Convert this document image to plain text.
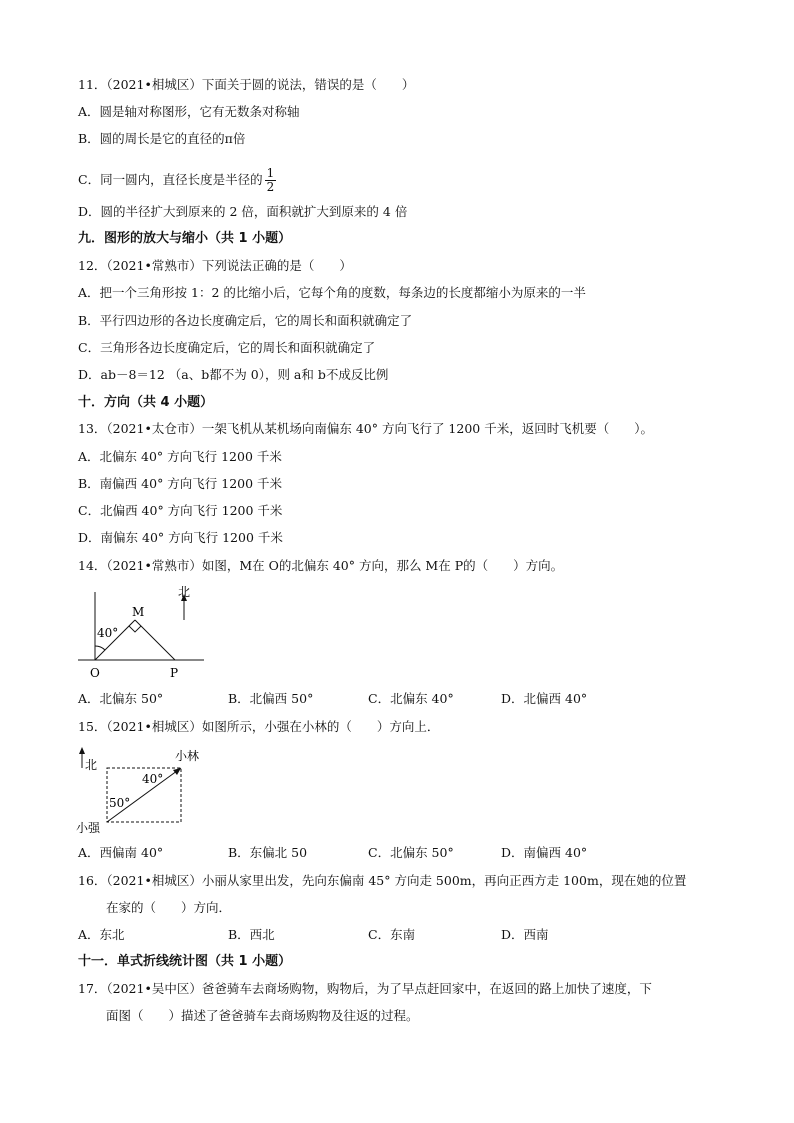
11．（2021•相城区）下面关于圆的说法，错误的是（　　）
A．圆是轴对称图形，它有无数条对称轴
B．圆的周长是它的直径的π倍
C．同一圆内，直径长度是半径的 $\frac{1}{2}$
D．圆的半径扩大到原来的 2 倍，面积就扩大到原来的 4 倍
九．图形的放大与缩小（共 1 小题）
12．（2021•常熟市）下列说法正确的是（　　）
A．把一个三角形按 1：2 的比缩小后，它每个角的度数，每条边的长度都缩小为原来的一半
B．平行四边形的各边长度确定后，它的周长和面积就确定了
C．三角形各边长度确定后，它的周长和面积就确定了
D．ab－8＝12 （a、b都不为 0），则 a和 b不成反比例
十．方向（共 4 小题）
13．（2021•太仓市）一架飞机从某机场向南偏东 40° 方向飞行了 1200 千米，返回时飞机要（　　）。
A．北偏东 40° 方向飞行 1200 千米
B．南偏西 40° 方向飞行 1200 千米
C．北偏西 40° 方向飞行 1200 千米
D．南偏东 40° 方向飞行 1200 千米
14．（2021•常熟市）如图，M在 O的北偏东 40° 方向，那么 M在 P的（　　）方向。
北
40°
M
O	P
A．北偏东 50°	B．北偏西 50°	C．北偏东 40°	D．北偏西 40°
15．（2021•相城区）如图所示，小强在小林的（　　）方向上．
北
小林
小强
40°
50°
A．西偏南 40°	B．东偏北 50	C．北偏东 50°	D．南偏西 40°
16．（2021•相城区）小丽从家里出发，先向东偏南 45° 方向走 500m，再向正西方走 100m，现在她的位置
在家的（　　）方向．
A．东北	B．西北	C．东南	D．西南
十一．单式折线统计图（共 1 小题）
17．（2021•吴中区）爸爸骑车去商场购物，购物后，为了早点赶回家中，在返回的路上加快了速度，下
面图（　　）描述了爸爸骑车去商场购物及往返的过程。
